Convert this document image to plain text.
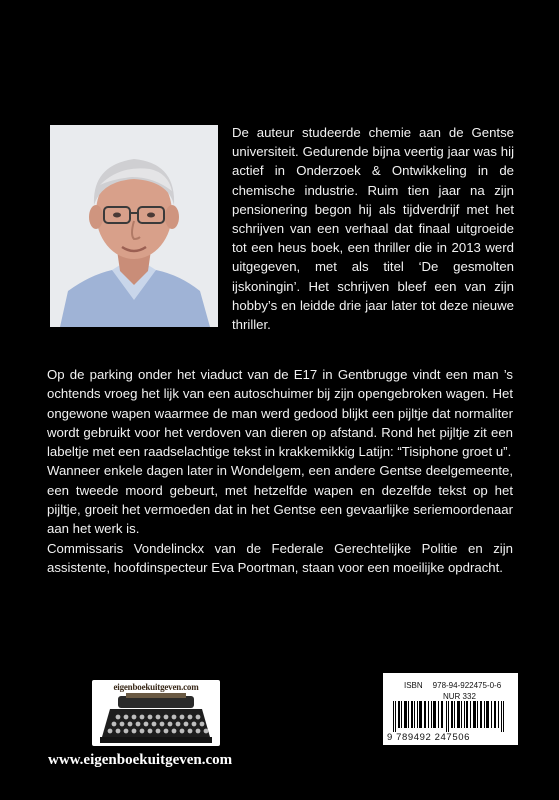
De auteur studeerde chemie aan de Gentse universiteit. Gedurende bijna veertig jaar was hij actief in Onderzoek & Ontwikkeling in de chemische industrie. Ruim tien jaar na zijn pensionering begon hij als tijdverdrijf met het schrijven van een verhaal dat finaal uitgroeide tot een heus boek, een thriller die in 2013 werd uitgegeven, met als titel ‘De gesmolten ijskoningin’. Het schrijven bleef een van zijn hobby’s en leidde drie jaar later tot deze nieuwe thriller.

Op de parking onder het viaduct van de E17 in Gentbrugge vindt een man ’s ochtends vroeg het lijk van een autoschuimer bij zijn opengebroken wagen. Het ongewone wapen waarmee de man werd gedood blijkt een pijltje dat normaliter wordt gebruikt voor het verdoven van dieren op afstand. Rond het pijltje zit een labeltje met een raadselachtige tekst in krakkemikkig Latijn: “Tisiphone groet u”.

Wanneer enkele dagen later in Wondelgem, een andere Gentse deelgemeente, een tweede moord gebeurt, met hetzelfde wapen en dezelfde tekst op het pijltje, groeit het vermoeden dat in het Gentse een gevaarlijke seriemoordenaar aan het werk is.

Commissaris Vondelinckx van de Federale Gerechtelijke Politie en zijn assistente, hoofdinspecteur Eva Poortman, staan voor een moeilijke opdracht.

eigenboekuitgeven.com
www.eigenboekuitgeven.com
ISBN 978-94-922475-0-6
NUR 332
9 789492 247506
